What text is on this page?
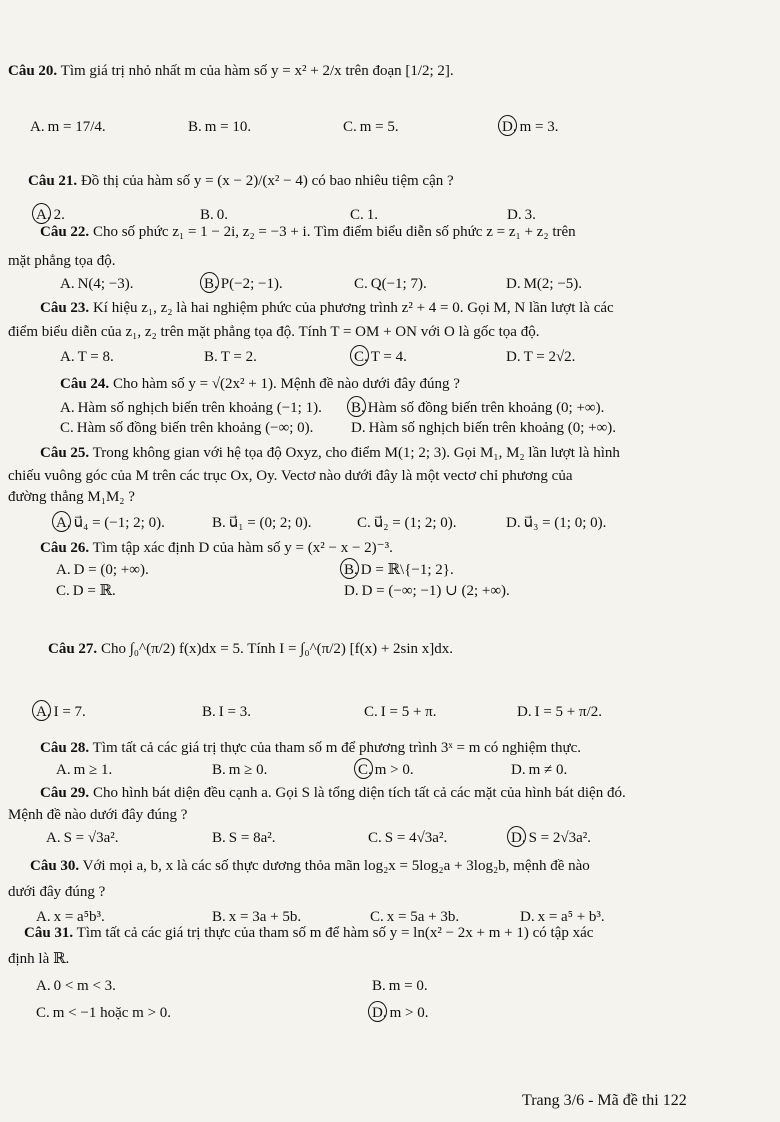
Câu 20. Tìm giá trị nhỏ nhất m của hàm số y = x² + 2/x trên đoạn [1/2; 2].
A. m = 17/4.	B. m = 10.	C. m = 5.	D. m = 3.
Câu 21. Đồ thị của hàm số y = (x − 2)/(x² − 4) có bao nhiêu tiệm cận ?
A. 2.	B. 0.	C. 1.	D. 3.
Câu 22. Cho số phức z₁ = 1 − 2i, z₂ = −3 + i. Tìm điểm biểu diễn số phức z = z₁ + z₂ trên
mặt phẳng tọa độ.
A. N(4; −3).	B. P(−2; −1).	C. Q(−1; 7).	D. M(2; −5).
Câu 23. Kí hiệu z₁, z₂ là hai nghiệm phức của phương trình z² + 4 = 0. Gọi M, N lần lượt là các
điểm biểu diễn của z₁, z₂ trên mặt phẳng tọa độ. Tính T = OM + ON với O là gốc tọa độ.
A. T = 8.	B. T = 2.	C. T = 4.	D. T = 2√2.
Câu 24. Cho hàm số y = √(2x² + 1). Mệnh đề nào dưới đây đúng ?
A. Hàm số nghịch biến trên khoảng (−1; 1). B. Hàm số đồng biến trên khoảng (0; +∞).
C. Hàm số đồng biến trên khoảng (−∞; 0).	D. Hàm số nghịch biến trên khoảng (0; +∞).
Câu 25. Trong không gian với hệ tọa độ Oxyz, cho điểm M(1; 2; 3). Gọi M₁, M₂ lần lượt là hình
chiếu vuông góc của M trên các trục Ox, Oy. Vectơ nào dưới đây là một vectơ chỉ phương của
đường thẳng M₁M₂ ?
A. u⃗₄ = (−1; 2; 0).	B. u⃗₁ = (0; 2; 0).	C. u⃗₂ = (1; 2; 0).	D. u⃗₃ = (1; 0; 0).
Câu 26. Tìm tập xác định D của hàm số y = (x² − x − 2)⁻³.
A. D = (0; +∞).	B. D = ℝ\{−1; 2}.
C. D = ℝ.	D. D = (−∞; −1) ∪ (2; +∞).
Câu 27. Cho ∫₀^(π/2) f(x)dx = 5. Tính I = ∫₀^(π/2) [f(x) + 2sin x]dx.
A. I = 7.	B. I = 3.	C. I = 5 + π.	D. I = 5 + π/2.
Câu 28. Tìm tất cả các giá trị thực của tham số m để phương trình 3ˣ = m có nghiệm thực.
A. m ≥ 1.	B. m ≥ 0.	C. m > 0.	D. m ≠ 0.
Câu 29. Cho hình bát diện đều cạnh a. Gọi S là tổng diện tích tất cả các mặt của hình bát diện đó.
Mệnh đề nào dưới đây đúng ?
A. S = √3a².	B. S = 8a².	C. S = 4√3a².	D. S = 2√3a².
Câu 30. Với mọi a, b, x là các số thực dương thỏa mãn log₂x = 5log₂a + 3log₂b, mệnh đề nào
dưới đây đúng ?
A. x = a⁵b³.	B. x = 3a + 5b.	C. x = 5a + 3b.	D. x = a⁵ + b³.
Câu 31. Tìm tất cả các giá trị thực của tham số m để hàm số y = ln(x² − 2x + m + 1) có tập xác
định là ℝ.
A. 0 < m < 3.	B. m = 0.
C. m < −1 hoặc m > 0.	D. m > 0.
Trang 3/6 - Mã đề thi 122
